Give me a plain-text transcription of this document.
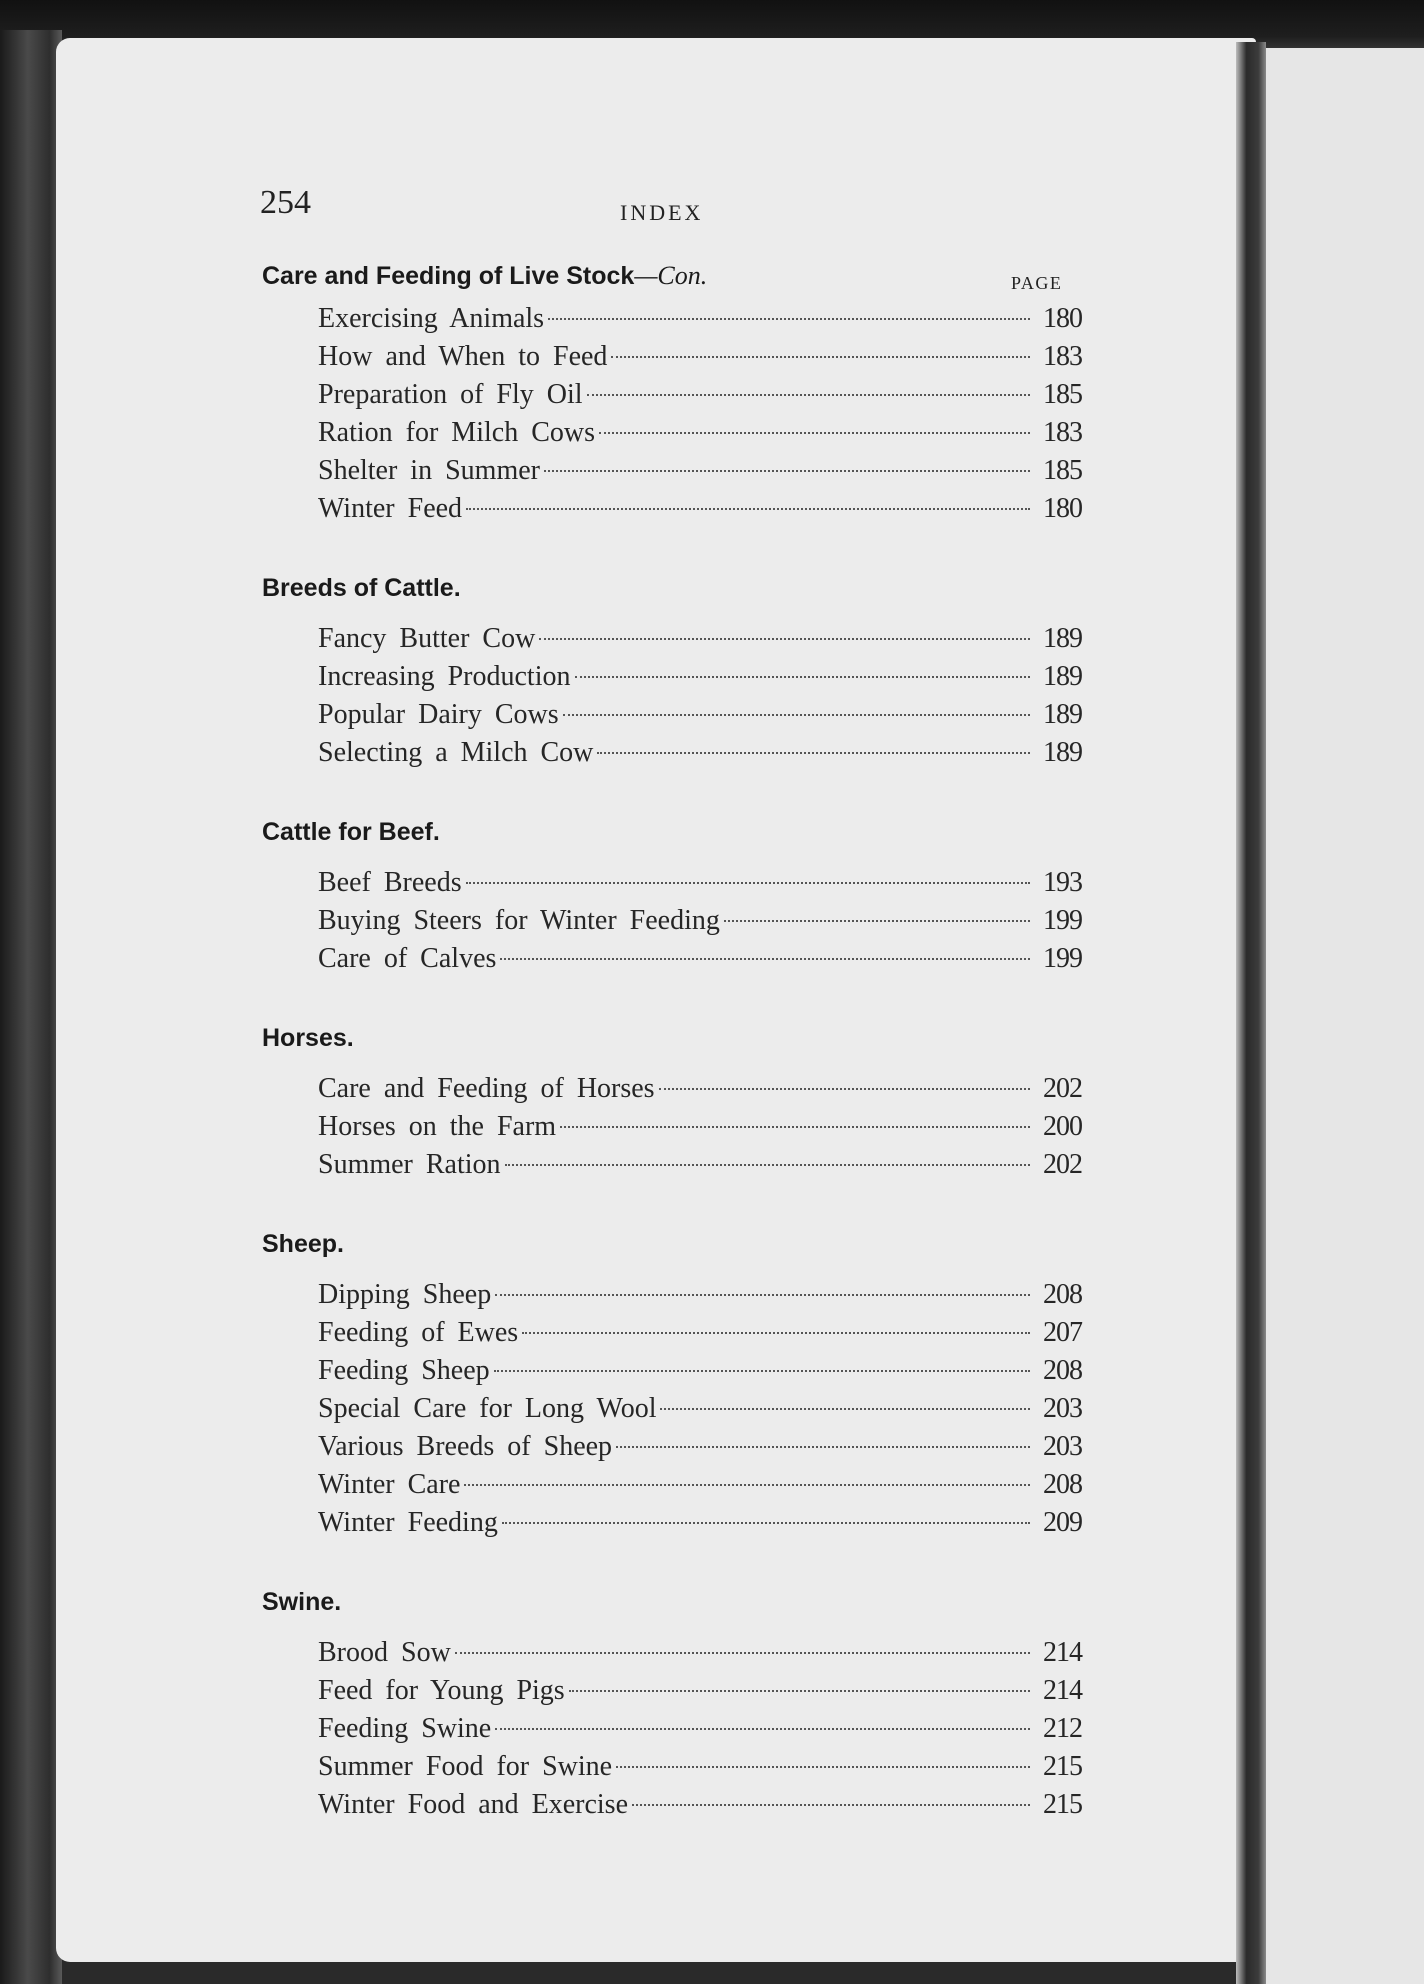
254	INDEX
PAGE
Care and Feeding of Live Stock—Con.
Exercising Animals	180
How and When to Feed	183
Preparation of Fly Oil	185
Ration for Milch Cows	183
Shelter in Summer	185
Winter Feed	180
Breeds of Cattle.
Fancy Butter Cow	189
Increasing Production	189
Popular Dairy Cows	189
Selecting a Milch Cow	189
Cattle for Beef.
Beef Breeds	193
Buying Steers for Winter Feeding	199
Care of Calves	199
Horses.
Care and Feeding of Horses	202
Horses on the Farm	200
Summer Ration	202
Sheep.
Dipping Sheep	208
Feeding of Ewes	207
Feeding Sheep	208
Special Care for Long Wool	203
Various Breeds of Sheep	203
Winter Care	208
Winter Feeding	209
Swine.
Brood Sow	214
Feed for Young Pigs	214
Feeding Swine	212
Summer Food for Swine	215
Winter Food and Exercise	215
